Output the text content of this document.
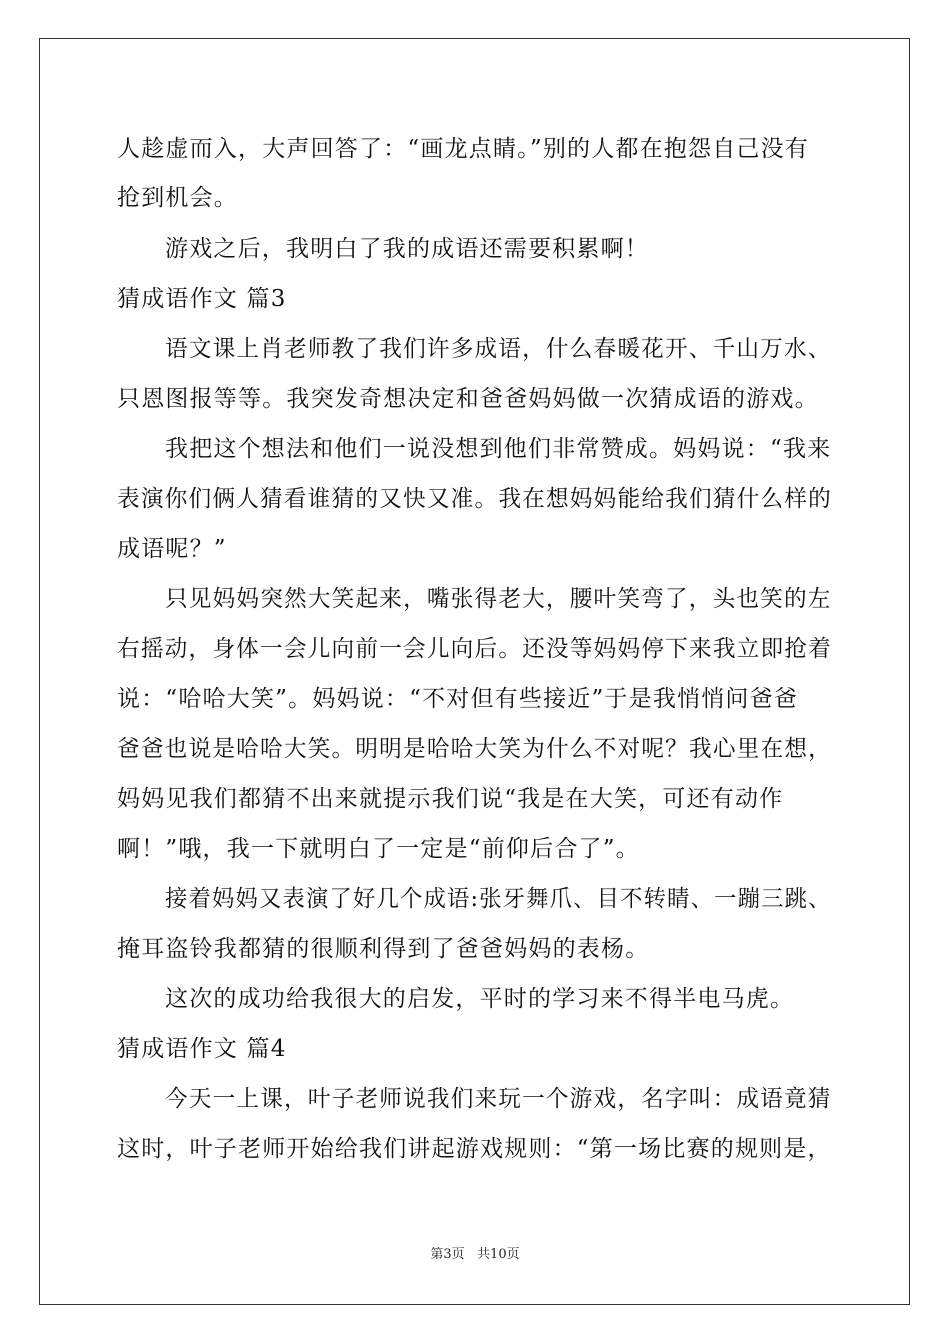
人趁虚而入，大声回答了：“画龙点睛。”别的人都在抱怨自己没有
抢到机会。
游戏之后，我明白了我的成语还需要积累啊！
猜成语作文 篇3
语文课上肖老师教了我们许多成语，什么春暖花开、千山万水、
只恩图报等等。我突发奇想决定和爸爸妈妈做一次猜成语的游戏。
我把这个想法和他们一说没想到他们非常赞成。妈妈说：“我来
表演你们俩人猜看谁猜的又快又准。我在想妈妈能给我们猜什么样的
成语呢？”
只见妈妈突然大笑起来，嘴张得老大，腰叶笑弯了，头也笑的左
右摇动，身体一会儿向前一会儿向后。还没等妈妈停下来我立即抢着
说：“哈哈大笑”。妈妈说：“不对但有些接近”于是我悄悄问爸爸
爸爸也说是哈哈大笑。明明是哈哈大笑为什么不对呢？我心里在想，
妈妈见我们都猜不出来就提示我们说“我是在大笑，可还有动作
啊！”哦，我一下就明白了一定是“前仰后合了”。
接着妈妈又表演了好几个成语:张牙舞爪、目不转睛、一蹦三跳、
掩耳盗铃我都猜的很顺利得到了爸爸妈妈的表杨。
这次的成功给我很大的启发，平时的学习来不得半电马虎。
猜成语作文 篇4
今天一上课，叶子老师说我们来玩一个游戏，名字叫：成语竟猜
这时，叶子老师开始给我们讲起游戏规则：“第一场比赛的规则是，
第3页   共10页
